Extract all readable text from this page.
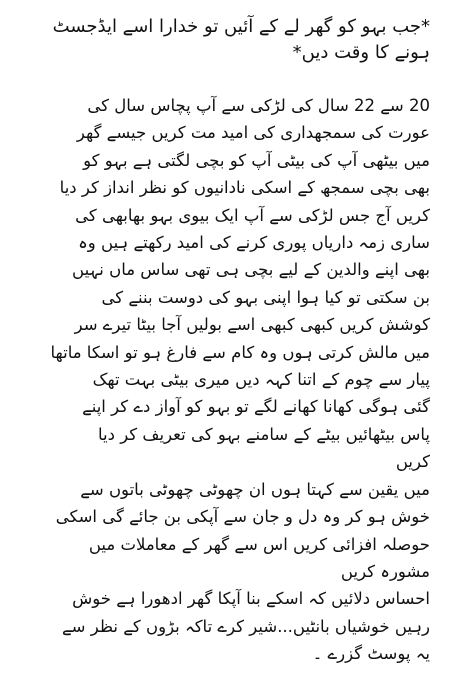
*جب بہو کو گھر لے کے آئیں تو خدارا اسے ایڈجسٹ

ہونے کا وقت دیں*

20 سے 22 سال کی لڑکی سے آپ پچاس سال کی

عورت کی سمجھداری کی امید مت کریں جیسے گھر

میں بیٹھی آپ کی بیٹی آپ کو بچی لگتی ہے بہو کو

بھی بچی سمجھ کے اسکی نادانیوں کو نظر انداز کر دیا

کریں آج جس لڑکی سے آپ ایک بیوی بہو بھابھی کی

ساری زمہ داریاں پوری کرنے کی امید رکھتے ہیں وہ

بھی اپنے والدین کے لیے بچی ہی تھی ساس ماں نہیں

بن سکتی تو کیا ہوا اپنی بہو کی دوست بننے کی

کوشش کریں کبھی کبھی اسے بولیں آجا بیٹا تیرے سر

میں مالش کرتی ہوں وہ کام سے فارغ ہو تو اسکا ماتھا

پیار سے چوم کے اتنا کہہ دیں میری بیٹی بہت تھک

گئی ہوگی کھانا کھانے لگے تو بہو کو آواز دے کر اپنے

پاس بیٹھائیں بیٹے کے سامنے بہو کی تعریف کر دیا

کریں

میں یقین سے کہتا ہوں ان چھوٹی چھوٹی باتوں سے

خوش ہو کر وہ دل و جان سے آپکی بن جائے گی اسکی

حوصلہ افزائی کریں اس سے گھر کے معاملات میں

مشورہ کریں

احساس دلائیں کہ اسکے بنا آپکا گھر ادھورا ہے خوش

رہیں خوشیاں بانٹیں...شیر کرے تاکہ بڑوں کے نظر سے

یہ پوسٹ گزرے ۔
